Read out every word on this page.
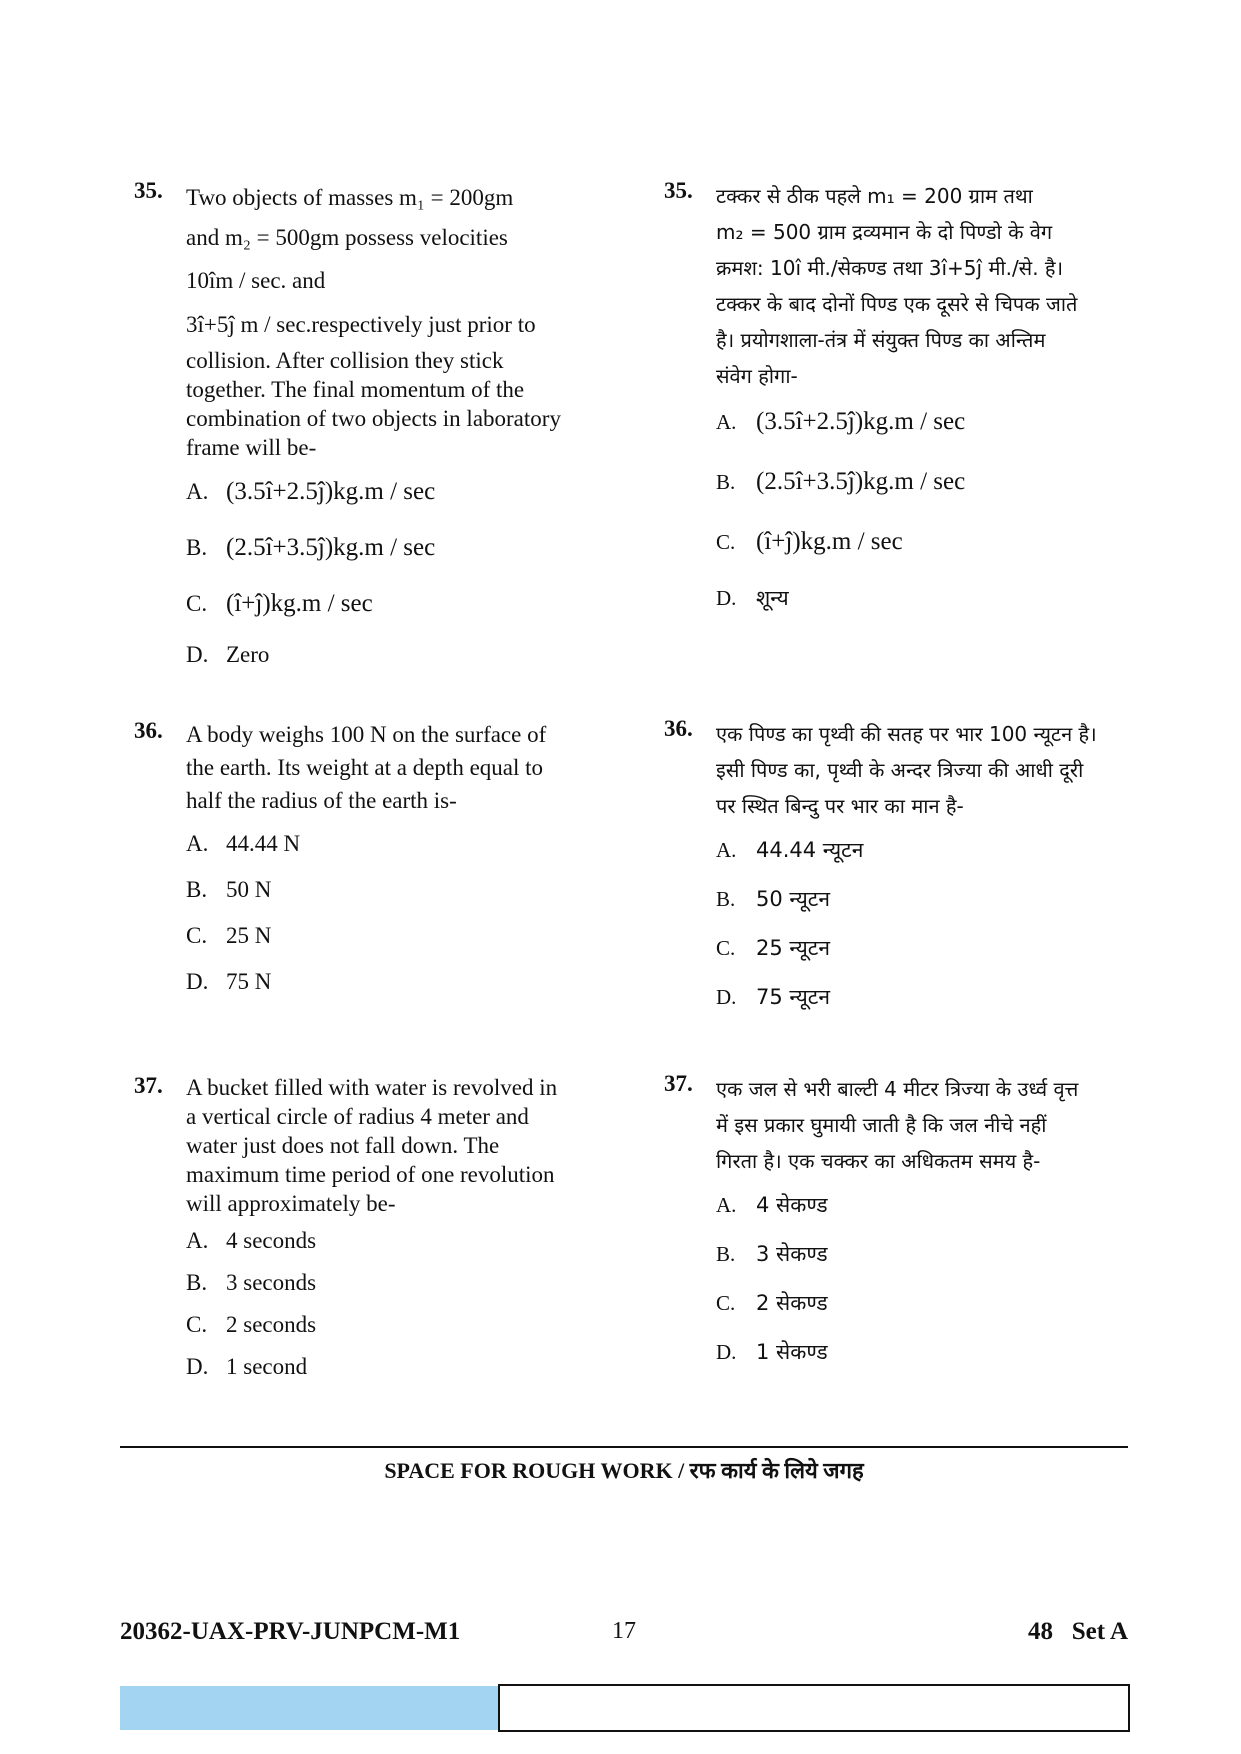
35. Two objects of masses m₁ = 200gm
and m₂ = 500gm possess velocities
10îm / sec. and
3î+5ĵ m / sec.respectively just prior to
collision. After collision they stick
together. The final momentum of the
combination of two objects in laboratory
frame will be-
A. (3.5î+2.5ĵ)kg.m / sec
B. (2.5î+3.5ĵ)kg.m / sec
C. (î+ĵ)kg.m / sec
D. Zero
36. A body weighs 100 N on the surface of
the earth. Its weight at a depth equal to
half the radius of the earth is-
A. 44.44 N
B. 50 N
C. 25 N
D. 75 N
37. A bucket filled with water is revolved in
a vertical circle of radius 4 meter and
water just does not fall down. The
maximum time period of one revolution
will approximately be-
A. 4 seconds
B. 3 seconds
C. 2 seconds
D. 1 second
35. टक्कर से ठीक पहले m₁ = 200 ग्राम तथा
m₂ = 500 ग्राम द्रव्यमान के दो पिण्डो के वेग
क्रमश: 10î मी./सेकण्ड तथा 3î+5ĵ मी./से. है।
टक्कर के बाद दोनों पिण्ड एक दूसरे से चिपक जाते
है। प्रयोगशाला-तंत्र में संयुक्त पिण्ड का अन्तिम
संवेग होगा-
A. (3.5î+2.5ĵ)kg.m / sec
B. (2.5î+3.5ĵ)kg.m / sec
C. (î+ĵ)kg.m / sec
D. शून्य
36. एक पिण्ड का पृथ्वी की सतह पर भार 100 न्यूटन है।
इसी पिण्ड का, पृथ्वी के अन्दर त्रिज्या की आधी दूरी
पर स्थित बिन्दु पर भार का मान है-
A. 44.44 न्यूटन
B. 50 न्यूटन
C. 25 न्यूटन
D. 75 न्यूटन
37. एक जल से भरी बाल्टी 4 मीटर त्रिज्या के उर्ध्व वृत्त
में इस प्रकार घुमायी जाती है कि जल नीचे नहीं
गिरता है। एक चक्कर का अधिकतम समय है-
A. 4 सेकण्ड
B. 3 सेकण्ड
C. 2 सेकण्ड
D. 1 सेकण्ड
SPACE FOR ROUGH WORK / रफ कार्य के लिये जगह
20362-UAX-PRV-JUNPCM-M1	17	48   Set A
